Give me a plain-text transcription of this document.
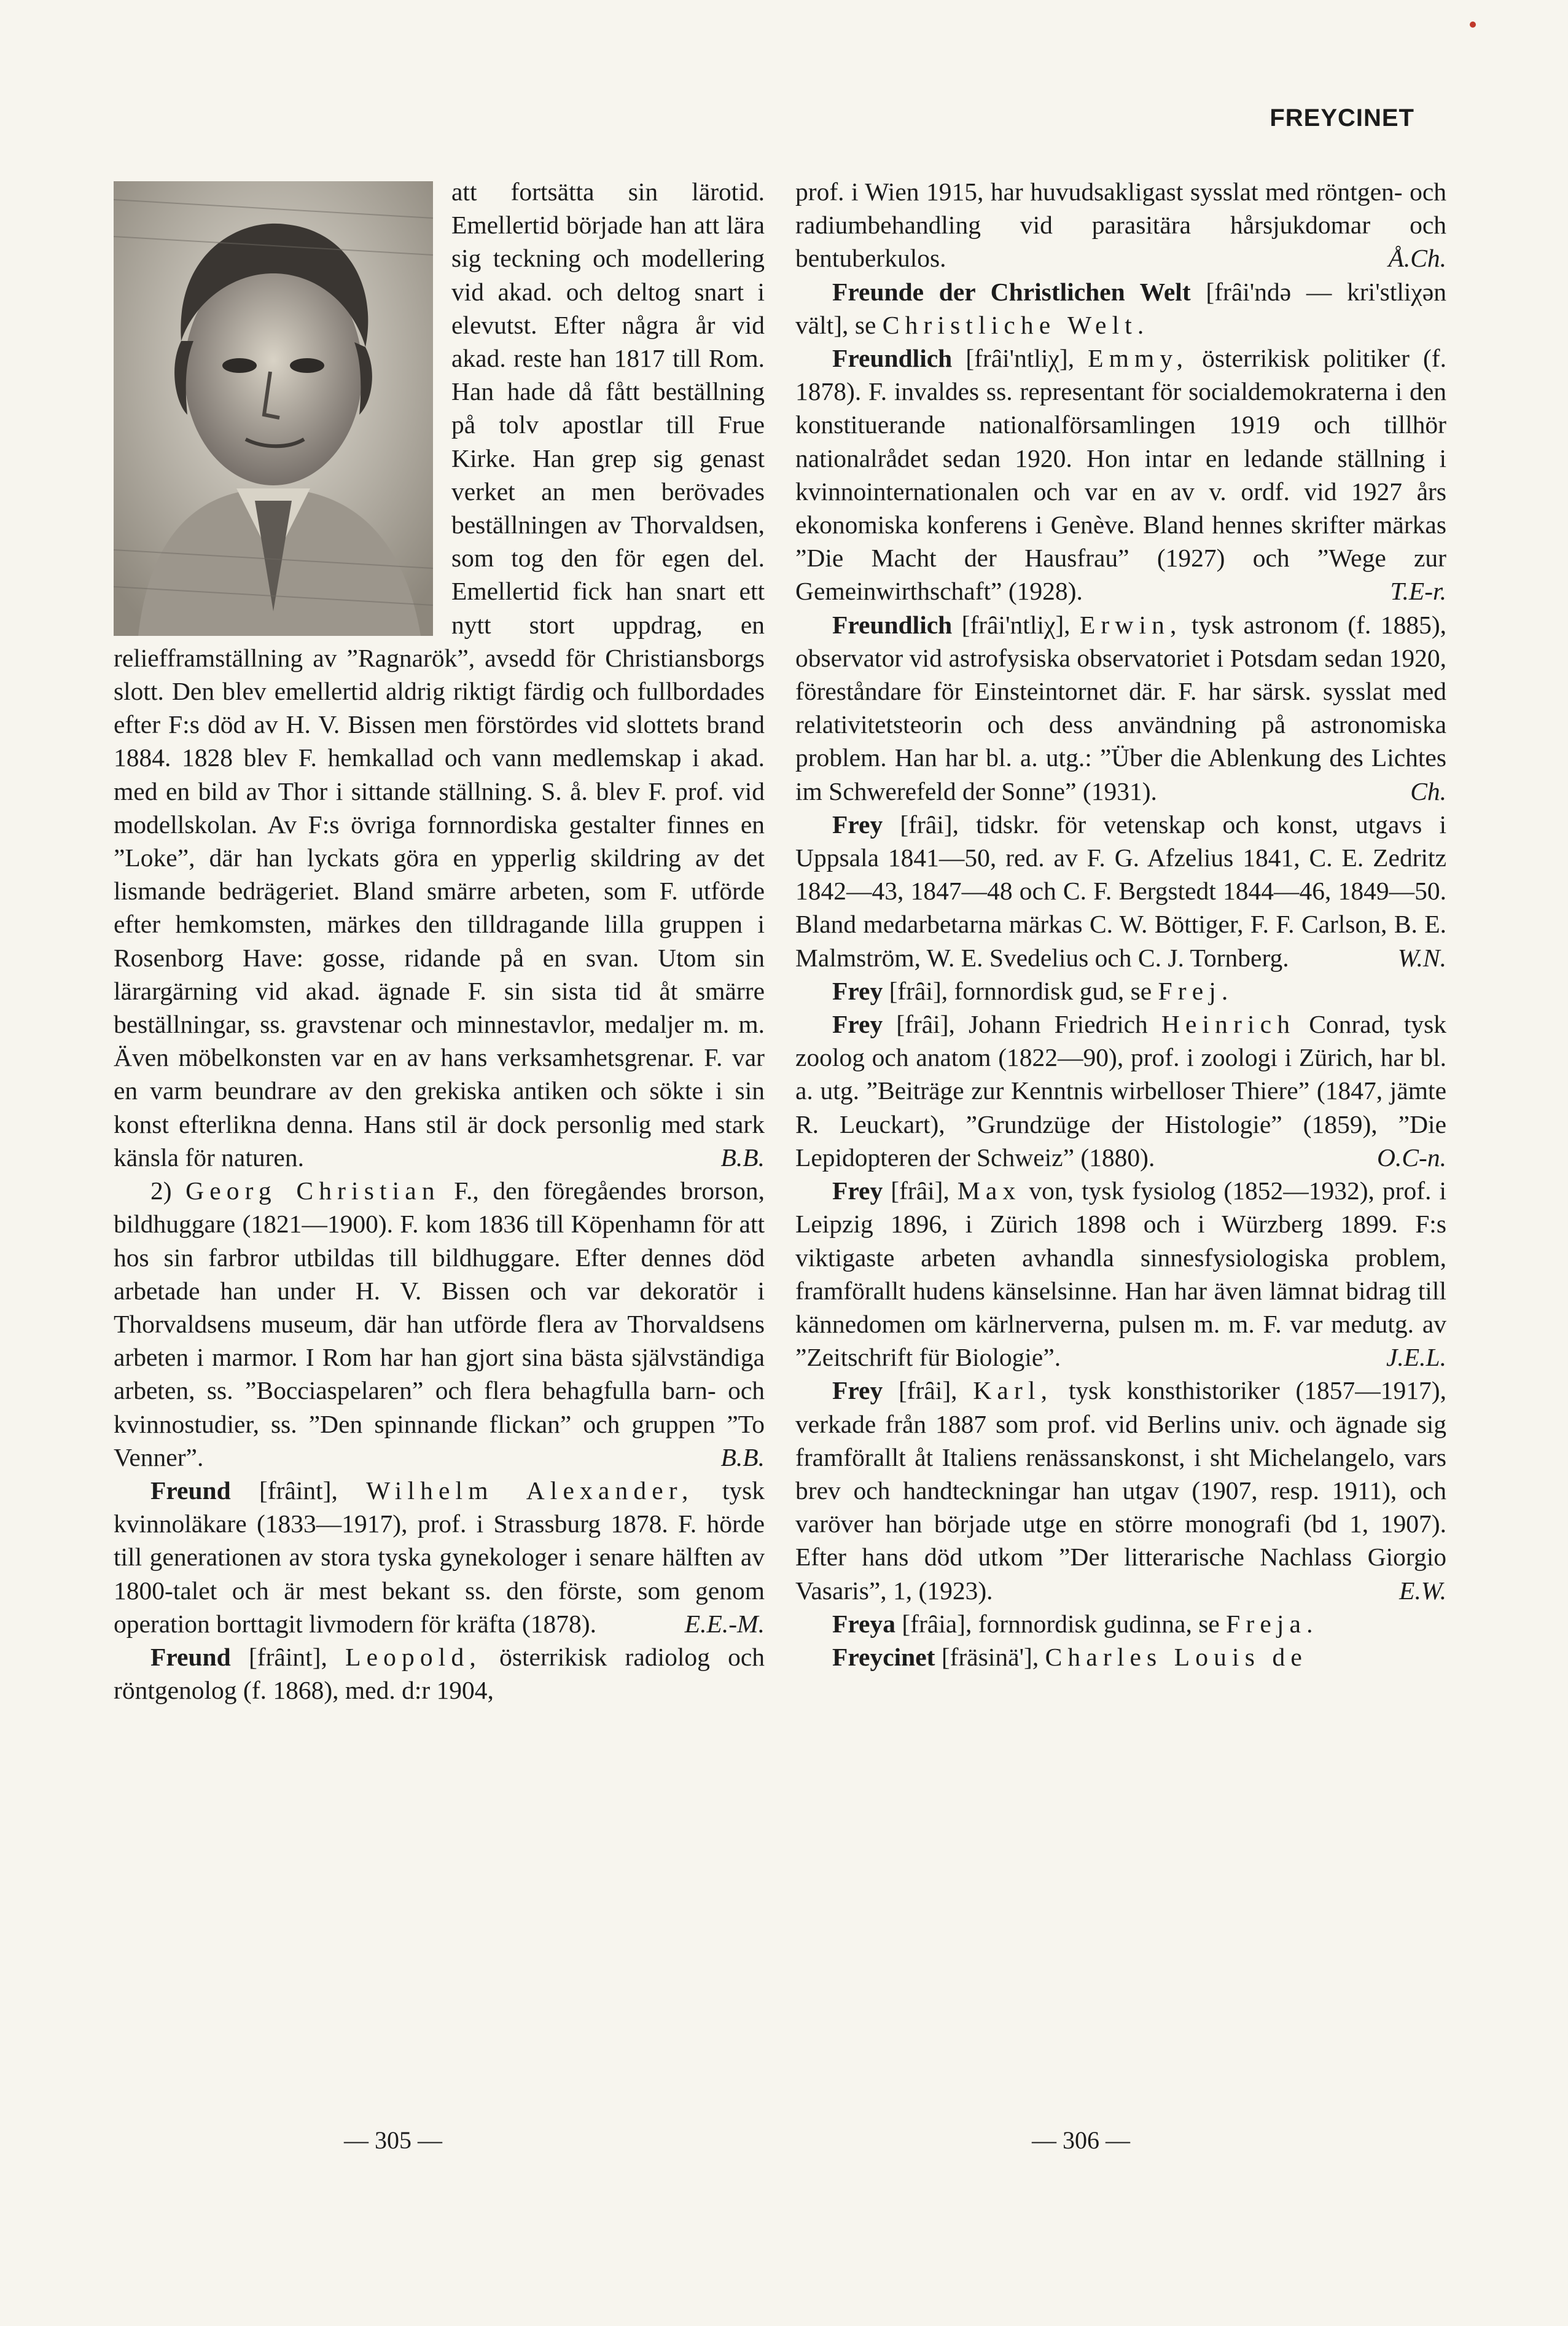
FREYCINET

att fortsätta sin lärotid. Emellertid började han att lära sig teckning och modellering vid akad. och deltog snart i elevutst. Efter några år vid akad. reste han 1817 till Rom. Han hade då fått beställning på tolv apostlar till Frue Kirke. Han grep sig genast verket an men berövades beställningen av Thorvaldsen, som tog den för egen del. Emellertid fick han snart ett nytt stort uppdrag, en reliefframställning av ”Ragnarök”, avsedd för Christiansborgs slott. Den blev emellertid aldrig riktigt färdig och fullbordades efter F:s död av H. V. Bissen men förstördes vid slottets brand 1884. 1828 blev F. hemkallad och vann medlemskap i akad. med en bild av Thor i sittande ställning. S. å. blev F. prof. vid modellskolan. Av F:s övriga fornnordiska gestalter finnes en ”Loke”, där han lyckats göra en ypperlig skildring av det lismande bedrägeriet. Bland smärre arbeten, som F. utförde efter hemkomsten, märkes den tilldragande lilla gruppen i Rosenborg Have: gosse, ridande på en svan. Utom sin lärargärning vid akad. ägnade F. sin sista tid åt smärre beställningar, ss. gravstenar och minnestavlor, medaljer m. m. Även möbelkonsten var en av hans verksamhetsgrenar. F. var en varm beundrare av den grekiska antiken och sökte i sin konst efterlikna denna. Hans stil är dock personlig med stark känsla för naturen.	B.B.

2) Georg Christian F., den föregåendes brorson, bildhuggare (1821—1900). F. kom 1836 till Köpenhamn för att hos sin farbror utbildas till bildhuggare. Efter dennes död arbetade han under H. V. Bissen och var dekoratör i Thorvaldsens museum, där han utförde flera av Thorvaldsens arbeten i marmor. I Rom har han gjort sina bästa självständiga arbeten, ss. ”Bocciaspelaren” och flera behagfulla barn- och kvinnostudier, ss. ”Den spinnande flickan” och gruppen ”To Venner”.	B.B.

Freund [frȃint], Wilhelm Alexander, tysk kvinnoläkare (1833—1917), prof. i Strassburg 1878. F. hörde till generationen av stora tyska gynekologer i senare hälften av 1800-talet och är mest bekant ss. den förste, som genom operation borttagit livmodern för kräfta (1878).	E.E.-M.

Freund [frȃint], Leopold, österrikisk radiolog och röntgenolog (f. 1868), med. d:r 1904,

prof. i Wien 1915, har huvudsakligast sysslat med röntgen- och radiumbehandling vid parasitära hårsjukdomar och bentuberkulos.	Å.Ch.

Freunde der Christlichen Welt [frȃi'ndə — kri'stliχən vält], se Christliche Welt.

Freundlich [frȃi'ntliχ], Emmy, österrikisk politiker (f. 1878). F. invaldes ss. representant för socialdemokraterna i den konstituerande nationalförsamlingen 1919 och tillhör nationalrådet sedan 1920. Hon intar en ledande ställning i kvinnointernationalen och var en av v. ordf. vid 1927 års ekonomiska konferens i Genève. Bland hennes skrifter märkas ”Die Macht der Hausfrau” (1927) och ”Wege zur Gemeinwirthschaft” (1928).	T.E-r.

Freundlich [frȃi'ntliχ], Erwin, tysk astronom (f. 1885), observator vid astrofysiska observatoriet i Potsdam sedan 1920, föreståndare för Einsteintornet där. F. har särsk. sysslat med relativitetsteorin och dess användning på astronomiska problem. Han har bl. a. utg.: ”Über die Ablenkung des Lichtes im Schwerefeld der Sonne” (1931).	Ch.

Frey [frȃi], tidskr. för vetenskap och konst, utgavs i Uppsala 1841—50, red. av F. G. Afzelius 1841, C. E. Zedritz 1842—43, 1847—48 och C. F. Bergstedt 1844—46, 1849—50. Bland medarbetarna märkas C. W. Böttiger, F. F. Carlson, B. E. Malmström, W. E. Svedelius och C. J. Tornberg.	W.N.

Frey [frȃi], fornnordisk gud, se Frej.

Frey [frȃi], Johann Friedrich Heinrich Conrad, tysk zoolog och anatom (1822—90), prof. i zoologi i Zürich, har bl. a. utg. ”Beiträge zur Kenntnis wirbelloser Thiere” (1847, jämte R. Leuckart), ”Grundzüge der Histologie” (1859), ”Die Lepidopteren der Schweiz” (1880).	O.C-n.

Frey [frȃi], Max von, tysk fysiolog (1852—1932), prof. i Leipzig 1896, i Zürich 1898 och i Würzberg 1899. F:s viktigaste arbeten avhandla sinnesfysiologiska problem, framförallt hudens känselsinne. Han har även lämnat bidrag till kännedomen om kärlnerverna, pulsen m. m. F. var medutg. av ”Zeitschrift für Biologie”.	J.E.L.

Frey [frȃi], Karl, tysk konsthistoriker (1857—1917), verkade från 1887 som prof. vid Berlins univ. och ägnade sig framförallt åt Italiens renässanskonst, i sht Michelangelo, vars brev och handteckningar han utgav (1907, resp. 1911), och varöver han började utge en större monografi (bd 1, 1907). Efter hans död utkom ”Der litterarische Nachlass Giorgio Vasaris”, 1, (1923).	E.W.

Freya [frȃia], fornnordisk gudinna, se Freja.

Freycinet [fräsinä'], Charles Louis de

— 305 —	— 306 —
